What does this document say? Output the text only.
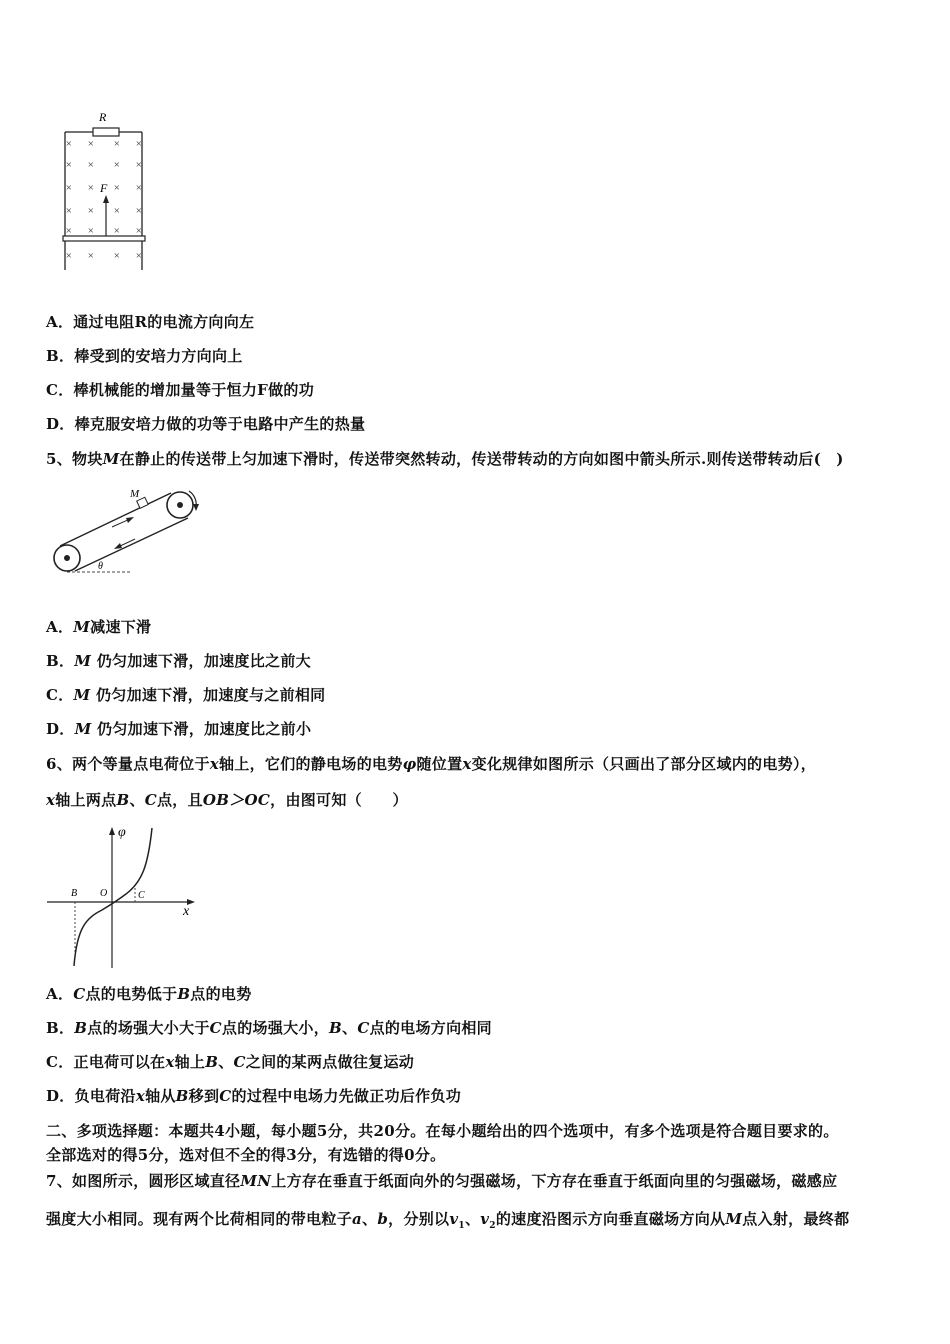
R
F
× × × ×
× × × ×
× × × ×
× × × ×
× × × ×
× × × ×
A．通过电阻R的电流方向向左
B．棒受到的安培力方向向上
C．棒机械能的增加量等于恒力F做的功
D．棒克服安培力做的功等于电路中产生的热量
5、物块M在静止的传送带上匀加速下滑时，传送带突然转动，传送带转动的方向如图中箭头所示.则传送带转动后(　)
M
θ
A．M减速下滑
B．M 仍匀加速下滑，加速度比之前大
C．M 仍匀加速下滑，加速度与之前相同
D．M 仍匀加速下滑，加速度比之前小
6、两个等量点电荷位于x轴上，它们的静电场的电势φ随位置x变化规律如图所示（只画出了部分区域内的电势），
x轴上两点B、C点，且OB＞OC，由图可知（　　）
φ
x
B O	C
A．C点的电势低于B点的电势
B．B点的场强大小大于C点的场强大小，B、C点的电场方向相同
C．正电荷可以在x轴上B、C之间的某两点做往复运动
D．负电荷沿x轴从B移到C的过程中电场力先做正功后作负功
二、多项选择题：本题共4小题，每小题5分，共20分。在每小题给出的四个选项中，有多个选项是符合题目要求的。
全部选对的得5分，选对但不全的得3分，有选错的得0分。
7、如图所示，圆形区域直径MN上方存在垂直于纸面向外的匀强磁场，下方存在垂直于纸面向里的匀强磁场，磁感应
强度大小相同。现有两个比荷相同的带电粒子a、b，分别以$v_1$、$v_2$的速度沿图示方向垂直磁场方向从M点入射，最终都
